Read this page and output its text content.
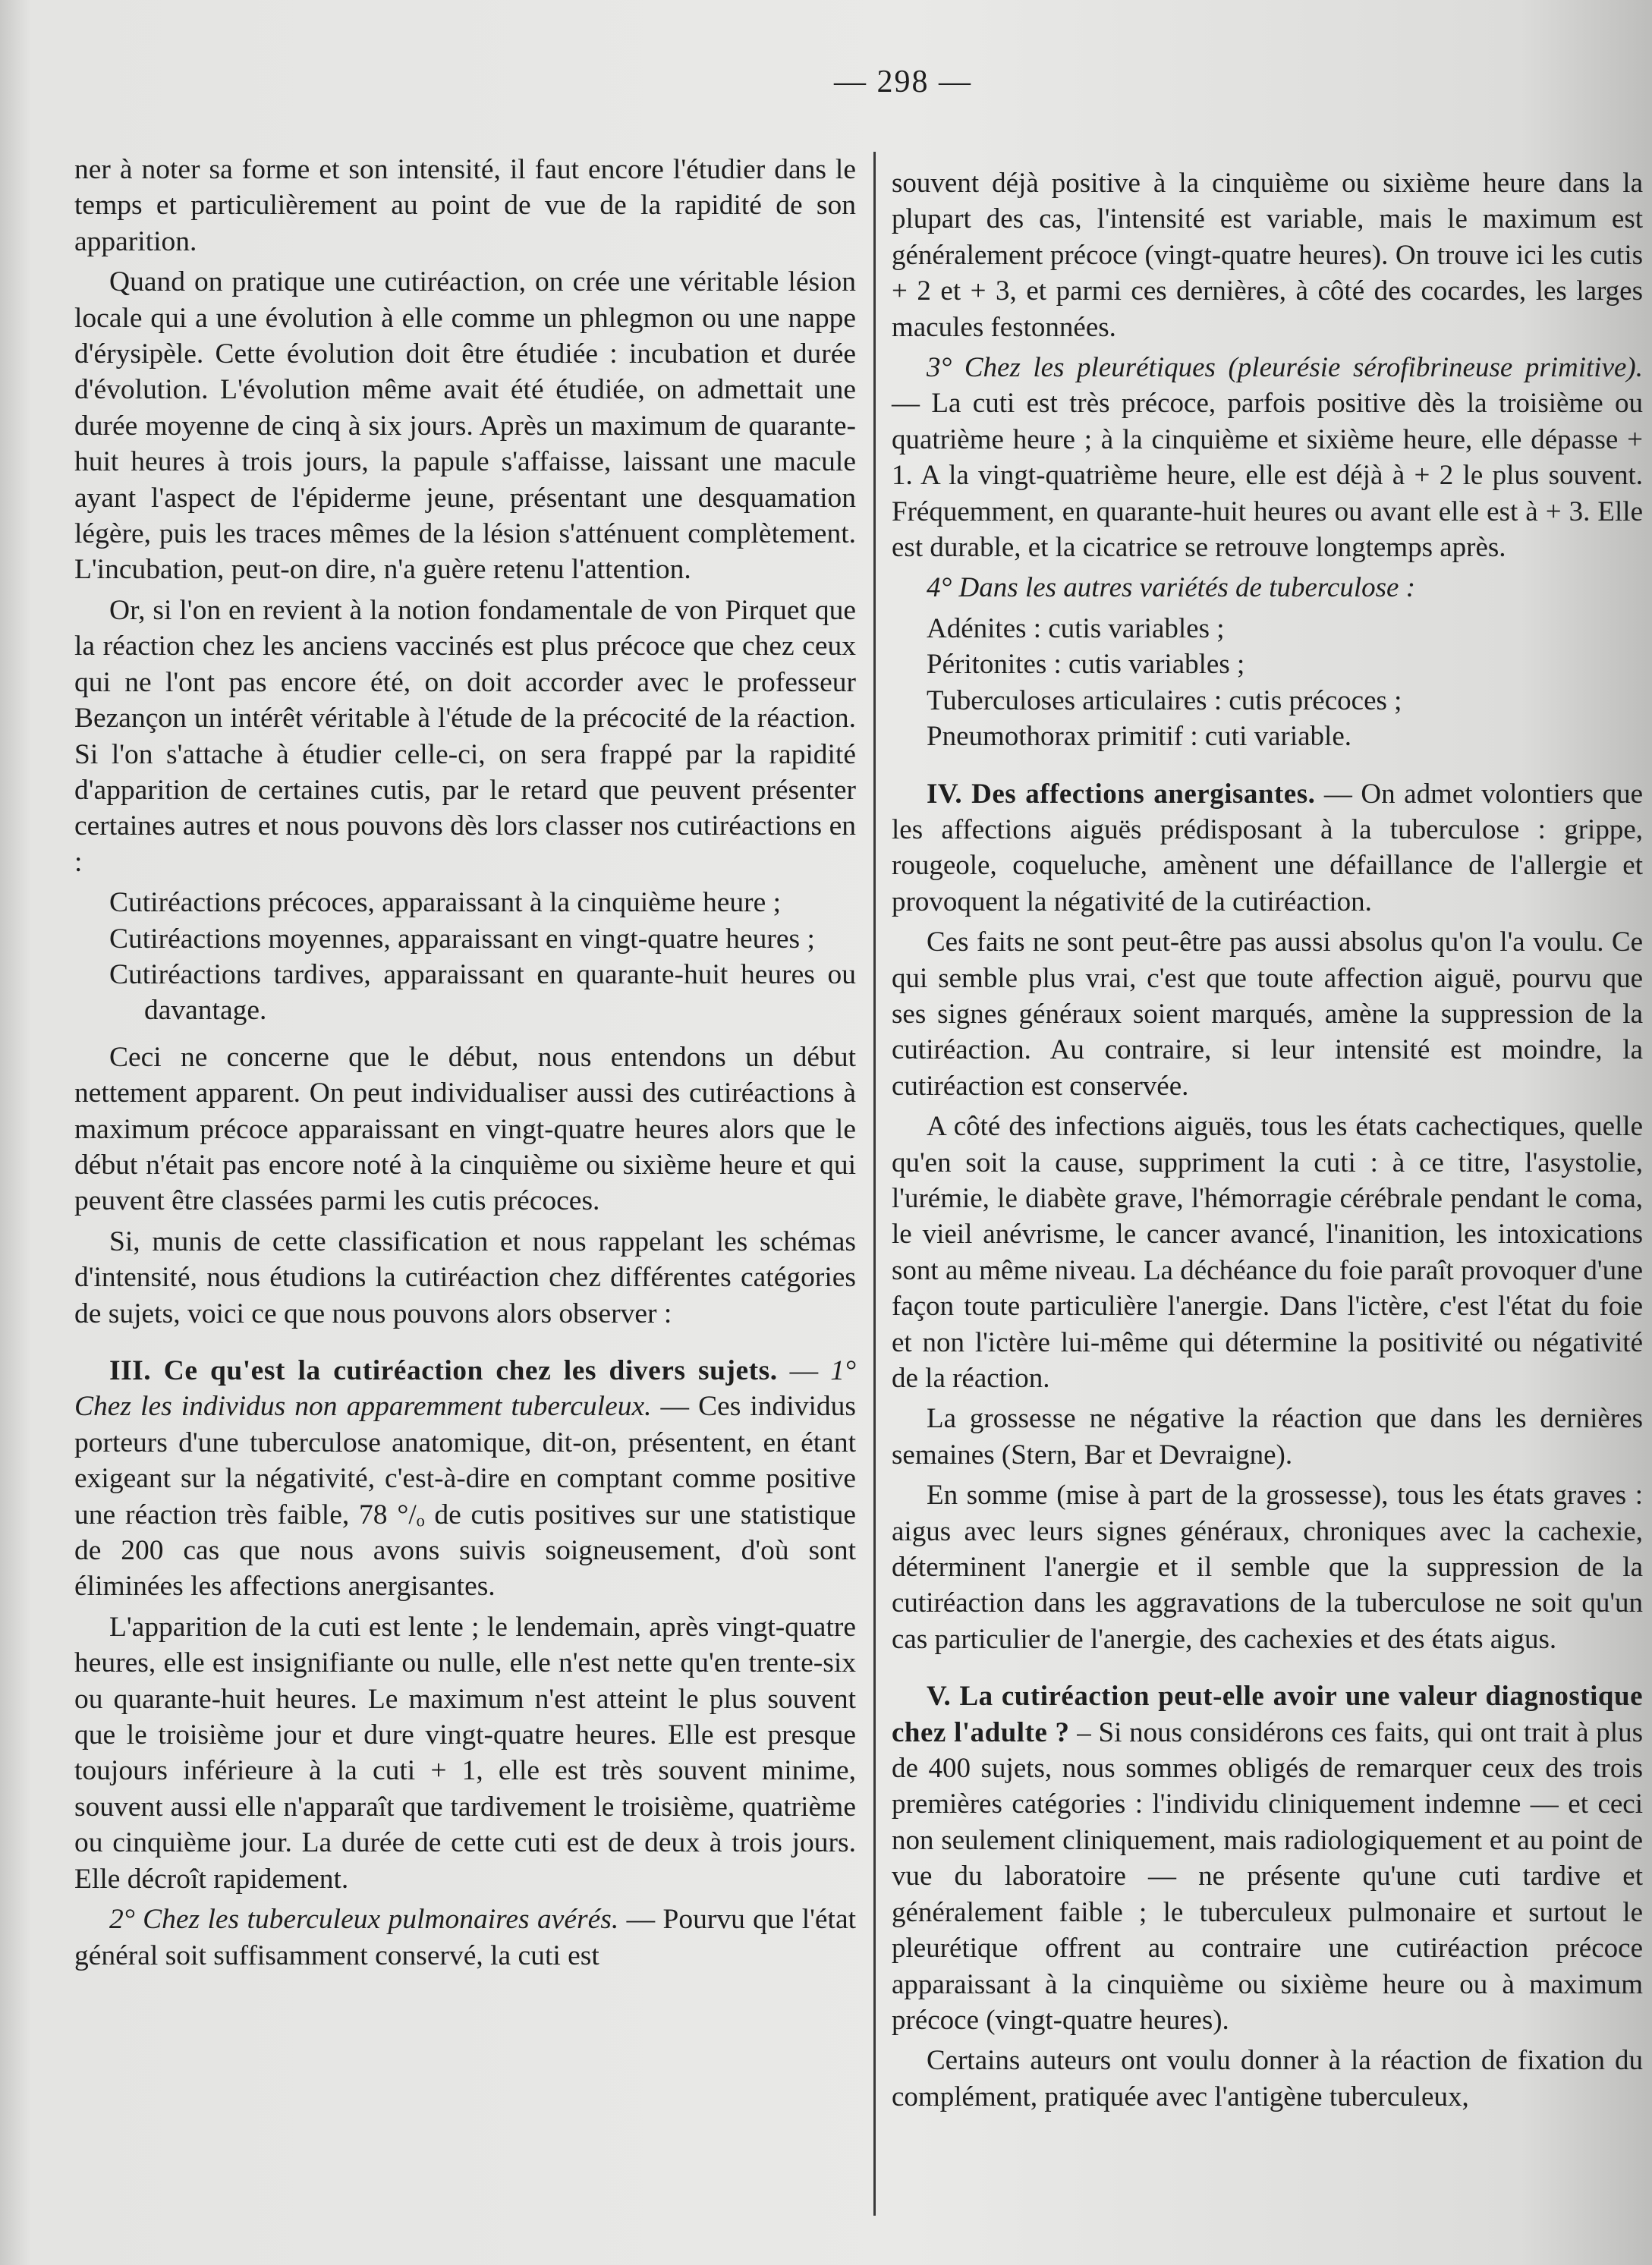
— 298 —

ner à noter sa forme et son intensité, il faut encore l'étudier dans le temps et particulièrement au point de vue de la rapidité de son apparition.

Quand on pratique une cutiréaction, on crée une véritable lésion locale qui a une évolution à elle comme un phlegmon ou une nappe d'érysipèle. Cette évolution doit être étudiée : incubation et durée d'évolution. L'évolution même avait été étudiée, on admettait une durée moyenne de cinq à six jours. Après un maximum de quarante-huit heures à trois jours, la papule s'affaisse, laissant une macule ayant l'aspect de l'épiderme jeune, présentant une desquamation légère, puis les traces mêmes de la lésion s'atténuent complètement. L'incubation, peut-on dire, n'a guère retenu l'attention.

Or, si l'on en revient à la notion fondamentale de von Pirquet que la réaction chez les anciens vaccinés est plus précoce que chez ceux qui ne l'ont pas encore été, on doit accorder avec le professeur Bezançon un intérêt véritable à l'étude de la précocité de la réaction. Si l'on s'attache à étudier celle-ci, on sera frappé par la rapidité d'apparition de certaines cutis, par le retard que peuvent présenter certaines autres et nous pouvons dès lors classer nos cutiréactions en :

Cutiréactions précoces, apparaissant à la cinquième heure ;
Cutiréactions moyennes, apparaissant en vingt-quatre heures ;
Cutiréactions tardives, apparaissant en quarante-huit heures ou davantage.

Ceci ne concerne que le début, nous entendons un début nettement apparent. On peut individualiser aussi des cutiréactions à maximum précoce apparaissant en vingt-quatre heures alors que le début n'était pas encore noté à la cinquième ou sixième heure et qui peuvent être classées parmi les cutis précoces.

Si, munis de cette classification et nous rappelant les schémas d'intensité, nous étudions la cutiréaction chez différentes catégories de sujets, voici ce que nous pouvons alors observer :

III. Ce qu'est la cutiréaction chez les divers sujets. — 1° Chez les individus non apparemment tuberculeux. — Ces individus porteurs d'une tuberculose anatomique, dit-on, présentent, en étant exigeant sur la négativité, c'est-à-dire en comptant comme positive une réaction très faible, 78 °/ₒ de cutis positives sur une statistique de 200 cas que nous avons suivis soigneusement, d'où sont éliminées les affections anergisantes.

L'apparition de la cuti est lente ; le lendemain, après vingt-quatre heures, elle est insignifiante ou nulle, elle n'est nette qu'en trente-six ou quarante-huit heures. Le maximum n'est atteint le plus souvent que le troisième jour et dure vingt-quatre heures. Elle est presque toujours inférieure à la cuti + 1, elle est très souvent minime, souvent aussi elle n'apparaît que tardivement le troisième, quatrième ou cinquième jour. La durée de cette cuti est de deux à trois jours. Elle décroît rapidement.

2° Chez les tuberculeux pulmonaires avérés. — Pourvu que l'état général soit suffisamment conservé, la cuti est

souvent déjà positive à la cinquième ou sixième heure dans la plupart des cas, l'intensité est variable, mais le maximum est généralement précoce (vingt-quatre heures). On trouve ici les cutis + 2 et + 3, et parmi ces dernières, à côté des cocardes, les larges macules festonnées.

3° Chez les pleurétiques (pleurésie sérofibrineuse primitive). — La cuti est très précoce, parfois positive dès la troisième ou quatrième heure ; à la cinquième et sixième heure, elle dépasse + 1. A la vingt-quatrième heure, elle est déjà à + 2 le plus souvent. Fréquemment, en quarante-huit heures ou avant elle est à + 3. Elle est durable, et la cicatrice se retrouve longtemps après.

4° Dans les autres variétés de tuberculose :

Adénites : cutis variables ;
Péritonites : cutis variables ;
Tuberculoses articulaires : cutis précoces ;
Pneumothorax primitif : cuti variable.

IV. Des affections anergisantes. — On admet volontiers que les affections aiguës prédisposant à la tuberculose : grippe, rougeole, coqueluche, amènent une défaillance de l'allergie et provoquent la négativité de la cutiréaction.

Ces faits ne sont peut-être pas aussi absolus qu'on l'a voulu. Ce qui semble plus vrai, c'est que toute affection aiguë, pourvu que ses signes généraux soient marqués, amène la suppression de la cutiréaction. Au contraire, si leur intensité est moindre, la cutiréaction est conservée.

A côté des infections aiguës, tous les états cachectiques, quelle qu'en soit la cause, suppriment la cuti : à ce titre, l'asystolie, l'urémie, le diabète grave, l'hémorragie cérébrale pendant le coma, le vieil anévrisme, le cancer avancé, l'inanition, les intoxications sont au même niveau. La déchéance du foie paraît provoquer d'une façon toute particulière l'anergie. Dans l'ictère, c'est l'état du foie et non l'ictère lui-même qui détermine la positivité ou négativité de la réaction.

La grossesse ne négative la réaction que dans les dernières semaines (Stern, Bar et Devraigne).

En somme (mise à part de la grossesse), tous les états graves : aigus avec leurs signes généraux, chroniques avec la cachexie, déterminent l'anergie et il semble que la suppression de la cutiréaction dans les aggravations de la tuberculose ne soit qu'un cas particulier de l'anergie, des cachexies et des états aigus.

V. La cutiréaction peut-elle avoir une valeur diagnostique chez l'adulte ? – Si nous considérons ces faits, qui ont trait à plus de 400 sujets, nous sommes obligés de remarquer ceux des trois premières catégories : l'individu cliniquement indemne — et ceci non seulement cliniquement, mais radiologiquement et au point de vue du laboratoire — ne présente qu'une cuti tardive et généralement faible ; le tuberculeux pulmonaire et surtout le pleurétique offrent au contraire une cutiréaction précoce apparaissant à la cinquième ou sixième heure ou à maximum précoce (vingt-quatre heures).

Certains auteurs ont voulu donner à la réaction de fixation du complément, pratiquée avec l'antigène tuberculeux,
